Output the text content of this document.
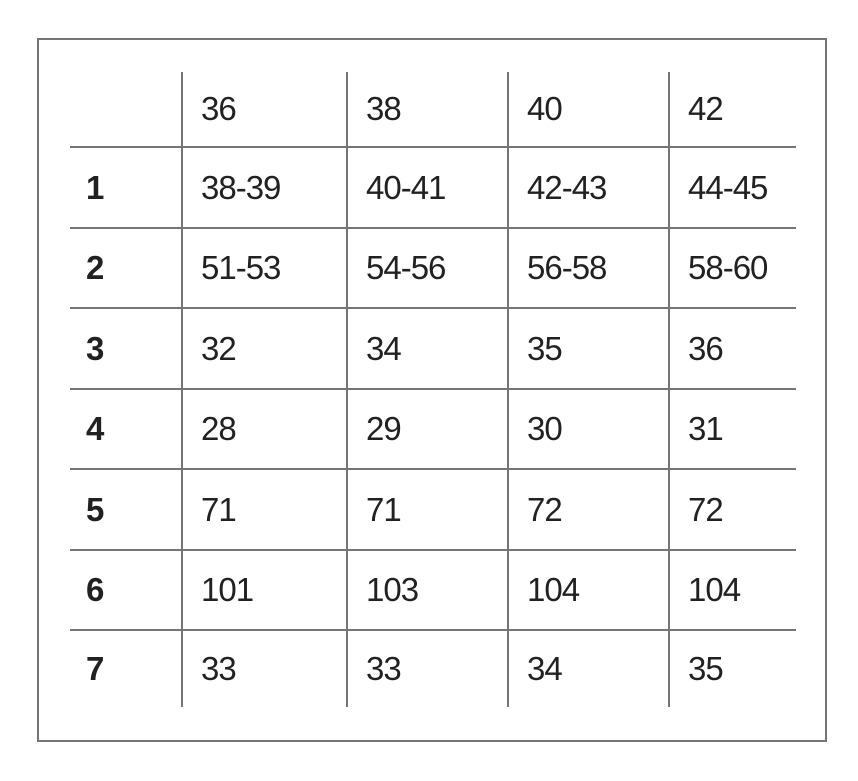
	36	38	40	42
1	38-39	40-41	42-43	44-45
2	51-53	54-56	56-58	58-60
3	32	34	35	36
4	28	29	30	31
5	71	71	72	72
6	101	103	104	104
7	33	33	34	35
